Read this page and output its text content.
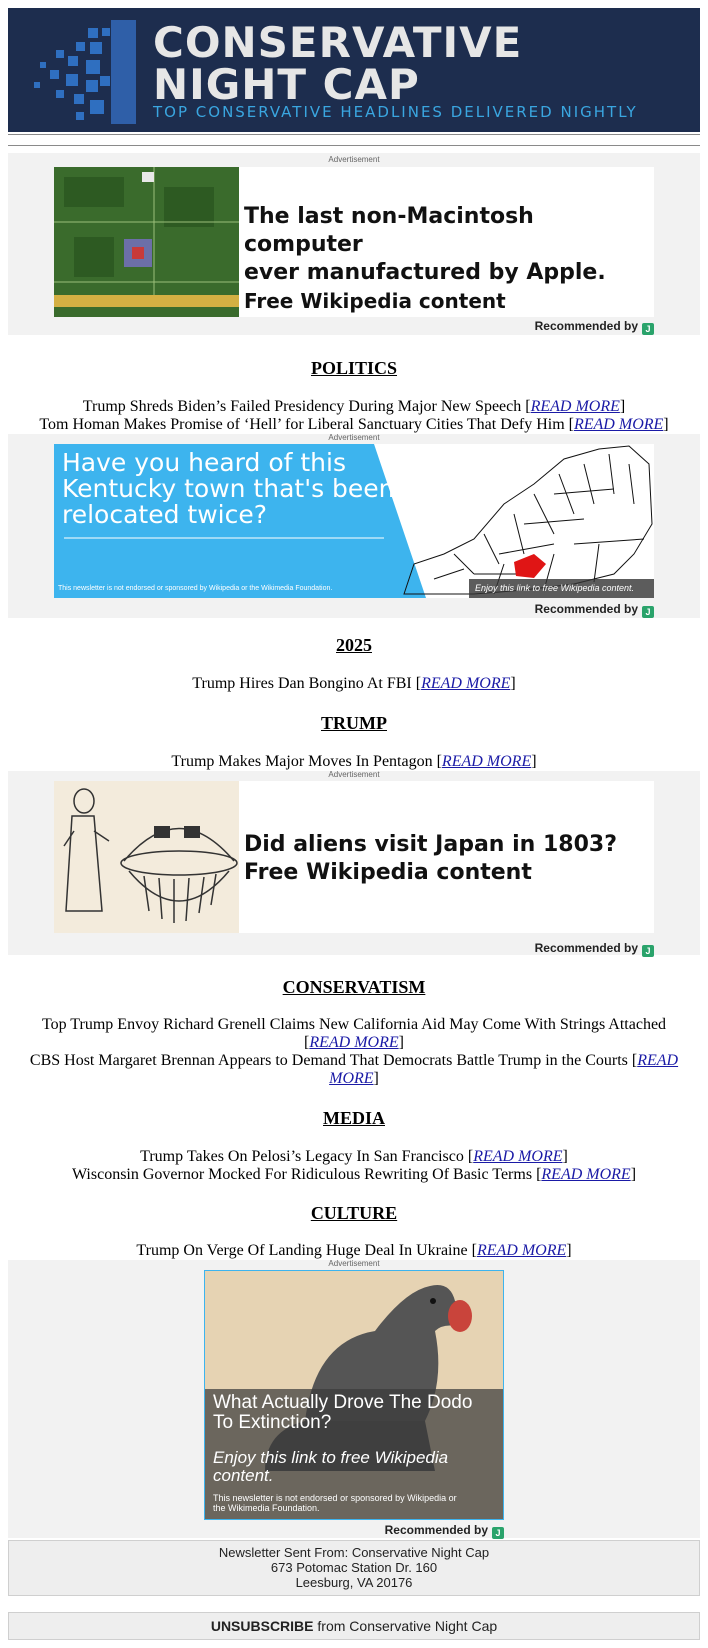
CONSERVATIVE
NIGHT CAP
TOP CONSERVATIVE HEADLINES DELIVERED NIGHTLY
Advertisement
The last non-Macintosh computer
ever manufactured by Apple.
Free Wikipedia content
Recommended by J
POLITICS
Trump Shreds Biden’s Failed Presidency During Major New Speech [READ MORE]
Tom Homan Makes Promise of ‘Hell’ for Liberal Sanctuary Cities That Defy Him [READ MORE]
Advertisement
Have you heard of this
Kentucky town that's been
relocated twice?
This newsletter is not endorsed or sponsored by Wikipedia or the Wikimedia Foundation.	Enjoy this link to free Wikipedia content.
Recommended by J
2025
Trump Hires Dan Bongino At FBI [READ MORE]
TRUMP
Trump Makes Major Moves In Pentagon [READ MORE]
Advertisement
Did aliens visit Japan in 1803?
Free Wikipedia content
Recommended by J
CONSERVATISM
Top Trump Envoy Richard Grenell Claims New California Aid May Come With Strings Attached [READ MORE]
CBS Host Margaret Brennan Appears to Demand That Democrats Battle Trump in the Courts [READ MORE]
MEDIA
Trump Takes On Pelosi’s Legacy In San Francisco [READ MORE]
Wisconsin Governor Mocked For Ridiculous Rewriting Of Basic Terms [READ MORE]
CULTURE
Trump On Verge Of Landing Huge Deal In Ukraine [READ MORE]
Advertisement
What Actually Drove The Dodo
To Extinction?
Enjoy this link to free Wikipedia
content.
This newsletter is not endorsed or sponsored by Wikipedia or
the Wikimedia Foundation.
Recommended by J
Newsletter Sent From: Conservative Night Cap
673 Potomac Station Dr. 160
Leesburg, VA 20176
UNSUBSCRIBE from Conservative Night Cap
